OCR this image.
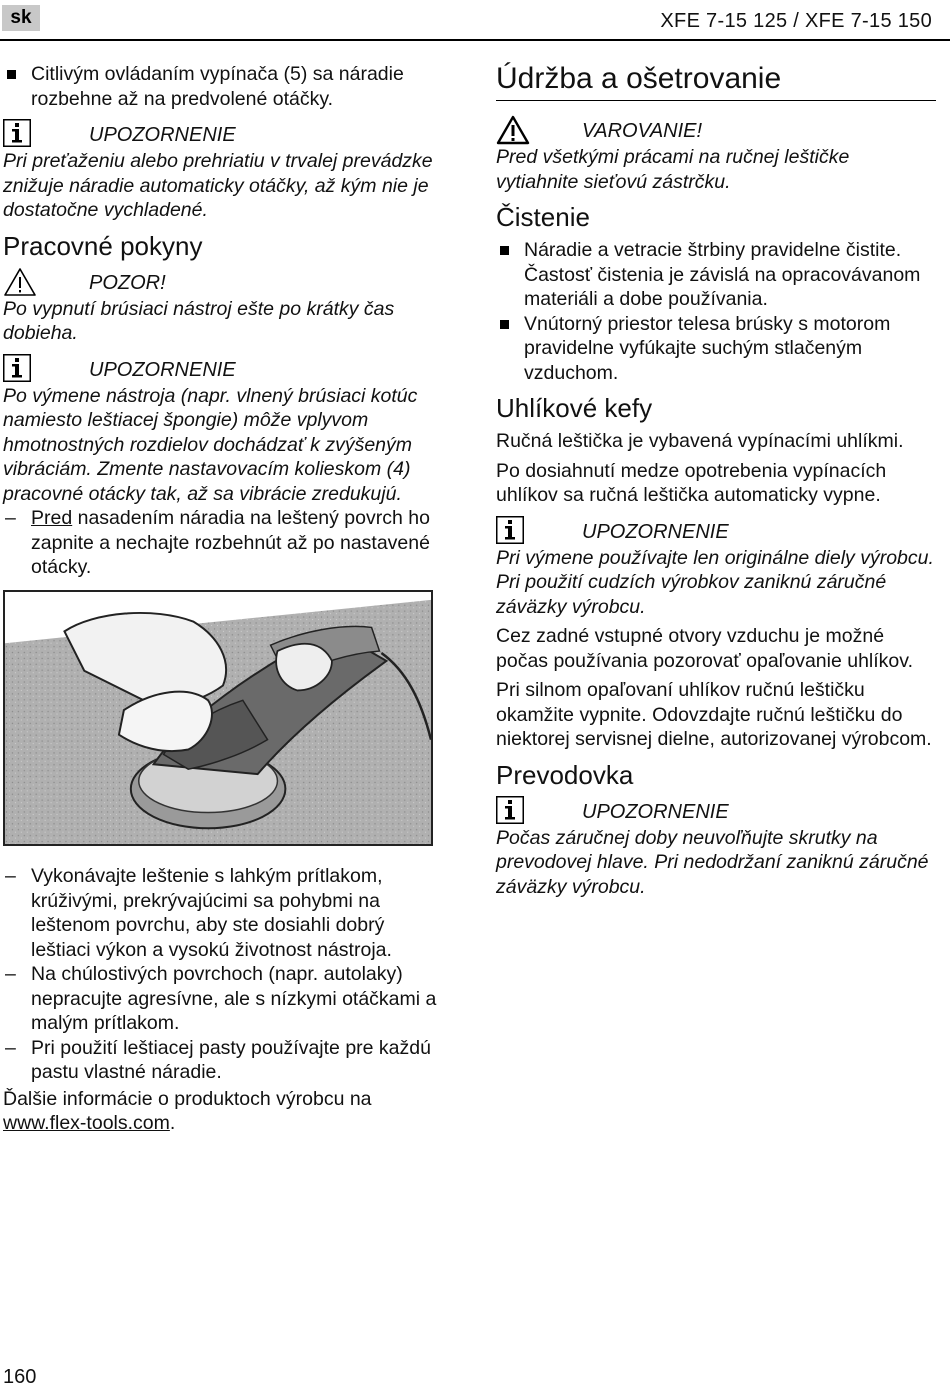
sk	XFE 7-15 125 / XFE 7-15 150
Citlivým ovládaním vypínača (5) sa náradie rozbehne až na predvolené otáčky.
UPOZORNENIE

Pri preťaženiu alebo prehriatiu v trvalej prevádzke znižuje náradie automaticky otáčky, až kým nie je dostatočne vychladené.

Pracovné pokyny
POZOR!

Po vypnutí brúsiaci nástroj ešte po krátky čas dobieha.

UPOZORNENIE

Po výmene nástroja (napr. vlnený brúsiaci kotúc namiesto leštiacej špongie) môže vplyvom hmotnostných rozdielov dochádzať k zvýšeným vibráciám. Zmente nastavovacím kolieskom (4) pracovné otácky tak, až sa vibrácie zredukujú.

– Pred nasadením náradia na leštený povrch ho zapnite a nechajte rozbehnút až po nastavené otácky.
– Vykonávajte leštenie s lahkým prítlakom, krúživými, prekrývajúcimi sa pohybmi na leštenom povrchu, aby ste dosiahli dobrý leštiaci výkon a vysokú životnost nástroja.
– Na chúlostivých povrchoch (napr. autolaky) nepracujte agresívne, ale s nízkymi otáčkami a malým prítlakom.
– Pri použití leštiacej pasty používajte pre každú pastu vlastné náradie.

Ďalšie informácie o produktoch výrobcu na
www.flex-tools.com.

Údržba a ošetrovanie
VAROVANIE!

Pred všetkými prácami na ručnej leštičke vytiahnite sieťovú zástrčku.

Čistenie
Náradie a vetracie štrbiny pravidelne čistite. Častosť čistenia je závislá na opracovávanom materiáli a dobe používania.
Vnútorný priestor telesa brúsky s motorom pravidelne vyfúkajte suchým stlačeným vzduchom.
Uhlíkové kefy

Ručná leštička je vybavená vypínacími uhlíkmi.

Po dosiahnutí medze opotrebenia vypínacích uhlíkov sa ručná leštička automaticky vypne.

UPOZORNENIE

Pri výmene používajte len originálne diely výrobcu. Pri použití cudzích výrobkov zaniknú záručné záväzky výrobcu.

Cez zadné vstupné otvory vzduchu je možné počas používania pozorovať opaľovanie uhlíkov.

Pri silnom opaľovaní uhlíkov ručnú leštičku okamžite vypnite. Odovzdajte ručnú leštičku do niektorej servisnej dielne, autorizovanej výrobcom.

Prevodovka
UPOZORNENIE

Počas záručnej doby neuvoľňujte skrutky na prevodovej hlave. Pri nedodržaní zaniknú záručné záväzky výrobcu.

160
